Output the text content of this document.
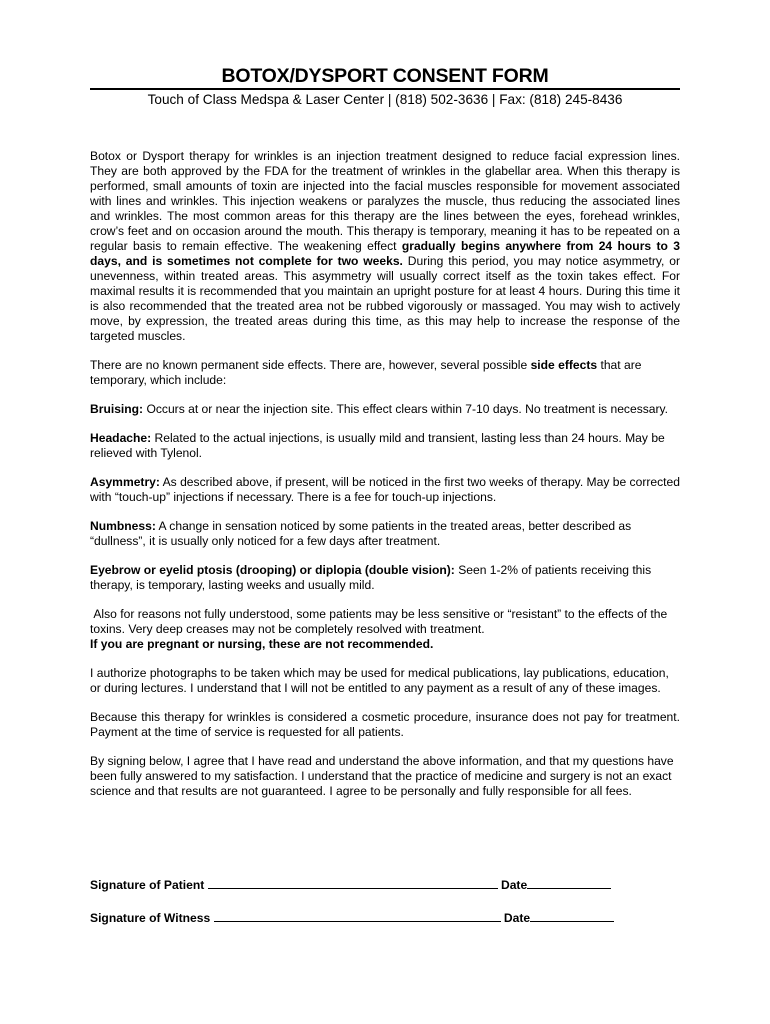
BOTOX/DYSPORT CONSENT FORM
Touch of Class Medspa & Laser Center | (818) 502-3636 | Fax: (818) 245-8436

Botox or Dysport therapy for wrinkles is an injection treatment designed to reduce facial expression lines. They are both approved by the FDA for the treatment of wrinkles in the glabellar area. When this therapy is performed, small amounts of toxin are injected into the facial muscles responsible for movement associated with lines and wrinkles. This injection weakens or paralyzes the muscle, thus reducing the associated lines and wrinkles. The most common areas for this therapy are the lines between the eyes, forehead wrinkles, crow’s feet and on occasion around the mouth. This therapy is temporary, meaning it has to be repeated on a regular basis to remain effective. The weakening effect gradually begins anywhere from 24 hours to 3 days, and is sometimes not complete for two weeks. During this period, you may notice asymmetry, or unevenness, within treated areas. This asymmetry will usually correct itself as the toxin takes effect. For maximal results it is recommended that you maintain an upright posture for at least 4 hours. During this time it is also recommended that the treated area not be rubbed vigorously or massaged. You may wish to actively move, by expression, the treated areas during this time, as this may help to increase the response of the targeted muscles.

There are no known permanent side effects. There are, however, several possible side effects that are temporary, which include:

Bruising: Occurs at or near the injection site. This effect clears within 7-10 days. No treatment is necessary.

Headache: Related to the actual injections, is usually mild and transient, lasting less than 24 hours. May be relieved with Tylenol.

Asymmetry: As described above, if present, will be noticed in the first two weeks of therapy. May be corrected with “touch-up” injections if necessary. There is a fee for touch-up injections.

Numbness: A change in sensation noticed by some patients in the treated areas, better described as “dullness”, it is usually only noticed for a few days after treatment.

Eyebrow or eyelid ptosis (drooping) or diplopia (double vision): Seen 1-2% of patients receiving this therapy, is temporary, lasting weeks and usually mild.

Also for reasons not fully understood, some patients may be less sensitive or “resistant” to the effects of the toxins. Very deep creases may not be completely resolved with treatment.
If you are pregnant or nursing, these are not recommended.

I authorize photographs to be taken which may be used for medical publications, lay publications, education, or during lectures. I understand that I will not be entitled to any payment as a result of any of these images.

Because this therapy for wrinkles is considered a cosmetic procedure, insurance does not pay for treatment. Payment at the time of service is requested for all patients.

By signing below, I agree that I have read and understand the above information, and that my questions have been fully answered to my satisfaction. I understand that the practice of medicine and surgery is not an exact science and that results are not guaranteed. I agree to be personally and fully responsible for all fees.

Signature of Patient	Date
Signature of Witness	Date
